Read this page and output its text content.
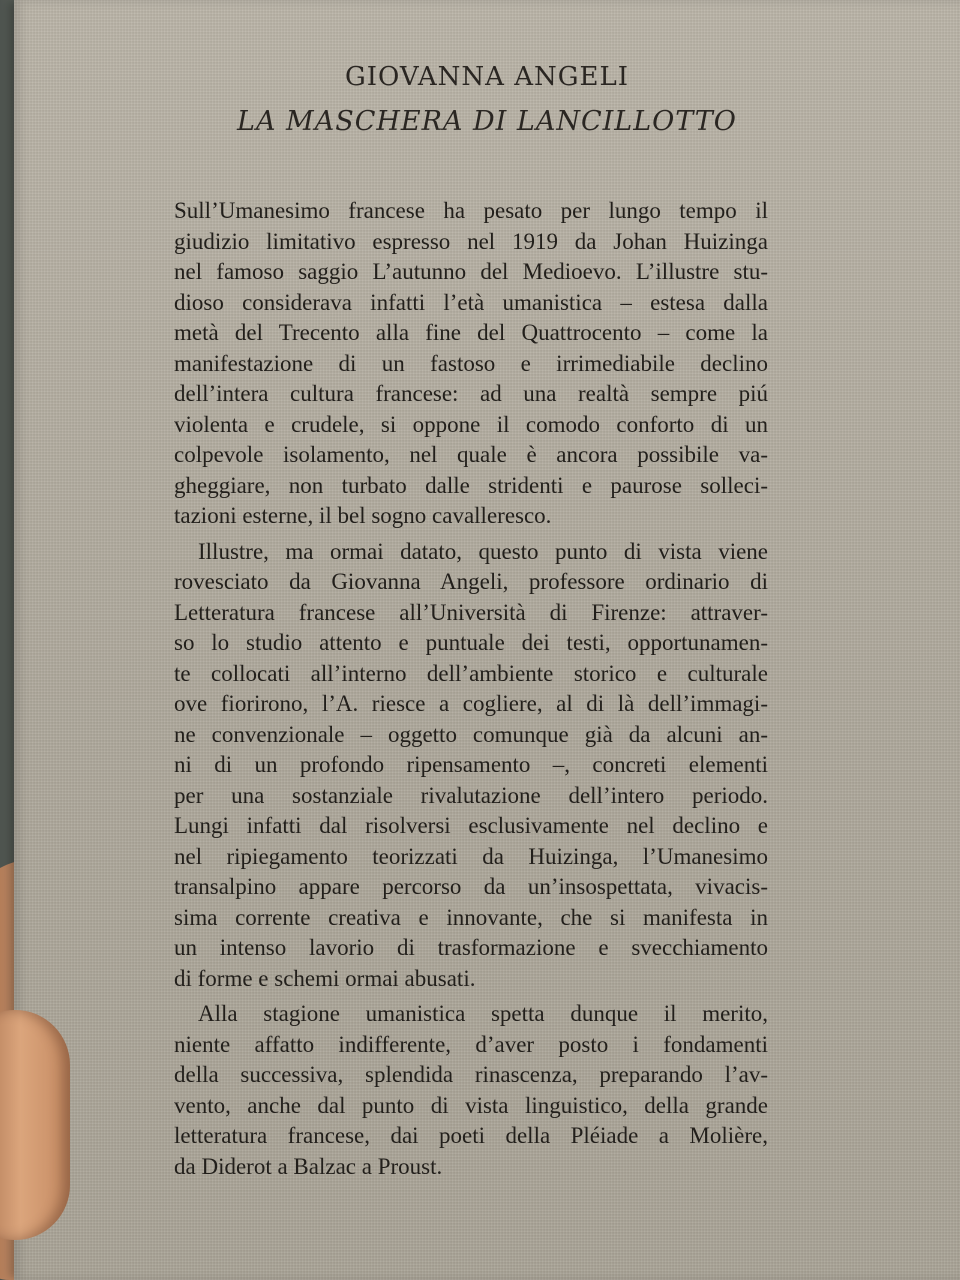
GIOVANNA ANGELI
LA MASCHERA DI LANCILLOTTO

Sull’Umanesimo francese ha pesato per lungo tempo il
giudizio limitativo espresso nel 1919 da Johan Huizinga
nel famoso saggio L’autunno del Medioevo. L’illustre stu-
dioso considerava infatti l’età umanistica – estesa dalla
metà del Trecento alla fine del Quattrocento – come la
manifestazione di un fastoso e irrimediabile declino
dell’intera cultura francese: ad una realtà sempre piú
violenta e crudele, si oppone il comodo conforto di un
colpevole isolamento, nel quale è ancora possibile va-
gheggiare, non turbato dalle stridenti e paurose solleci-
tazioni esterne, il bel sogno cavalleresco.

Illustre, ma ormai datato, questo punto di vista viene
rovesciato da Giovanna Angeli, professore ordinario di
Letteratura francese all’Università di Firenze: attraver-
so lo studio attento e puntuale dei testi, opportunamen-
te collocati all’interno dell’ambiente storico e culturale
ove fiorirono, l’A. riesce a cogliere, al di là dell’immagi-
ne convenzionale – oggetto comunque già da alcuni an-
ni di un profondo ripensamento –, concreti elementi
per una sostanziale rivalutazione dell’intero periodo.
Lungi infatti dal risolversi esclusivamente nel declino e
nel ripiegamento teorizzati da Huizinga, l’Umanesimo
transalpino appare percorso da un’insospettata, vivacis-
sima corrente creativa e innovante, che si manifesta in
un intenso lavorio di trasformazione e svecchiamento
di forme e schemi ormai abusati.

Alla stagione umanistica spetta dunque il merito,
niente affatto indifferente, d’aver posto i fondamenti
della successiva, splendida rinascenza, preparando l’av-
vento, anche dal punto di vista linguistico, della grande
letteratura francese, dai poeti della Pléiade a Molière,
da Diderot a Balzac a Proust.
